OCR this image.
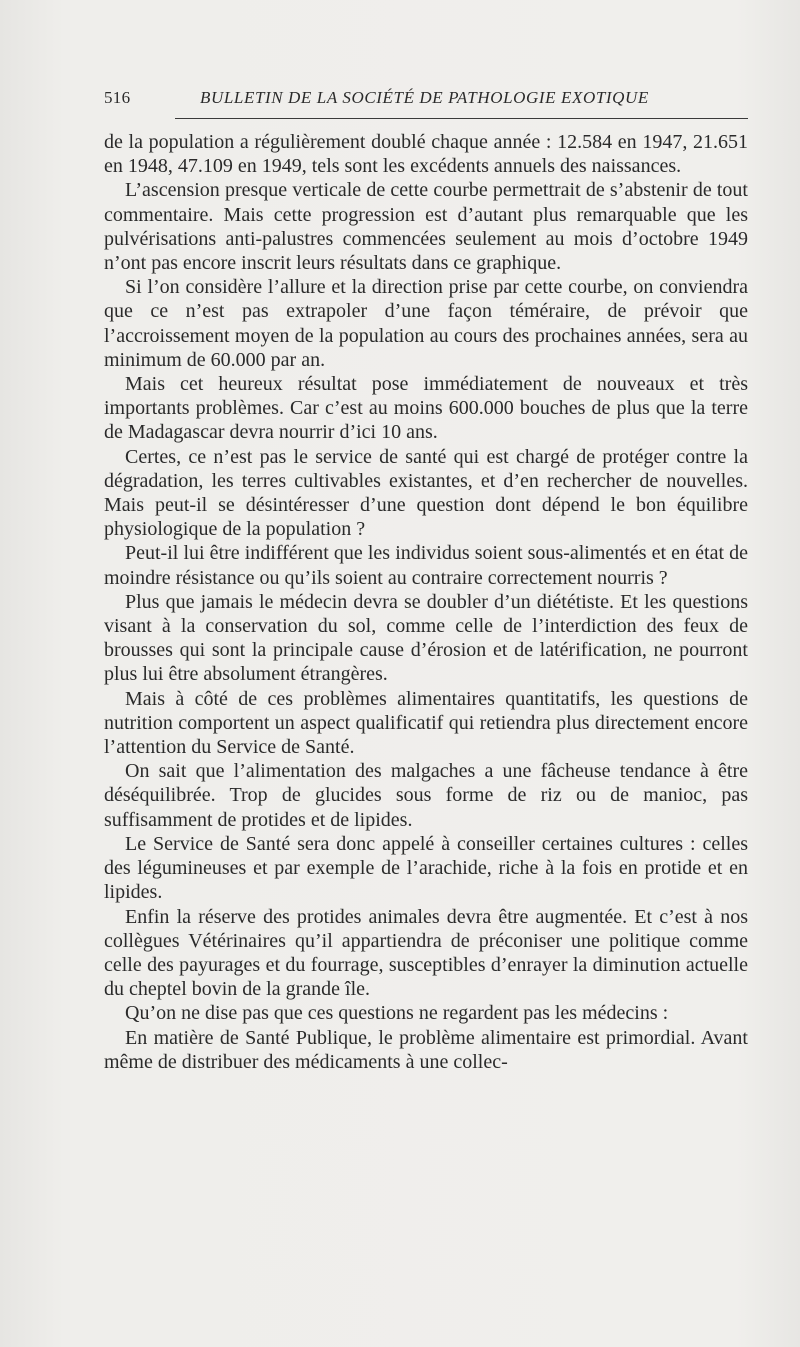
516	BULLETIN DE LA SOCIÉTÉ DE PATHOLOGIE EXOTIQUE

de la population a régulièrement doublé chaque année : 12.584 en 1947, 21.651 en 1948, 47.109 en 1949, tels sont les excédents annuels des naissances.

L’ascension presque verticale de cette courbe permettrait de s’abstenir de tout commentaire. Mais cette progression est d’autant plus remarquable que les pulvérisations anti-palustres commencées seulement au mois d’octobre 1949 n’ont pas encore inscrit leurs résultats dans ce graphique.

Si l’on considère l’allure et la direction prise par cette courbe, on conviendra que ce n’est pas extrapoler d’une façon téméraire, de prévoir que l’accroissement moyen de la population au cours des prochaines années, sera au minimum de 60.000 par an.

Mais cet heureux résultat pose immédiatement de nouveaux et très importants problèmes. Car c’est au moins 600.000 bouches de plus que la terre de Madagascar devra nourrir d’ici 10 ans.

Certes, ce n’est pas le service de santé qui est chargé de protéger contre la dégradation, les terres cultivables existantes, et d’en rechercher de nouvelles. Mais peut-il se désintéresser d’une question dont dépend le bon équilibre physiologique de la population ?

Peut-il lui être indifférent que les individus soient sous-alimentés et en état de moindre résistance ou qu’ils soient au contraire correctement nourris ?

Plus que jamais le médecin devra se doubler d’un diététiste. Et les questions visant à la conservation du sol, comme celle de l’interdiction des feux de brousses qui sont la principale cause d’érosion et de latérification, ne pourront plus lui être absolument étrangères.

Mais à côté de ces problèmes alimentaires quantitatifs, les questions de nutrition comportent un aspect qualificatif qui retiendra plus directement encore l’attention du Service de Santé.

On sait que l’alimentation des malgaches a une fâcheuse tendance à être déséquilibrée. Trop de glucides sous forme de riz ou de manioc, pas suffisamment de protides et de lipides.

Le Service de Santé sera donc appelé à conseiller certaines cultures : celles des légumineuses et par exemple de l’arachide, riche à la fois en protide et en lipides.

Enfin la réserve des protides animales devra être augmentée. Et c’est à nos collègues Vétérinaires qu’il appartiendra de préconiser une politique comme celle des payurages et du fourrage, susceptibles d’enrayer la diminution actuelle du cheptel bovin de la grande île.

Qu’on ne dise pas que ces questions ne regardent pas les médecins :

En matière de Santé Publique, le problème alimentaire est primordial. Avant même de distribuer des médicaments à une collec-
